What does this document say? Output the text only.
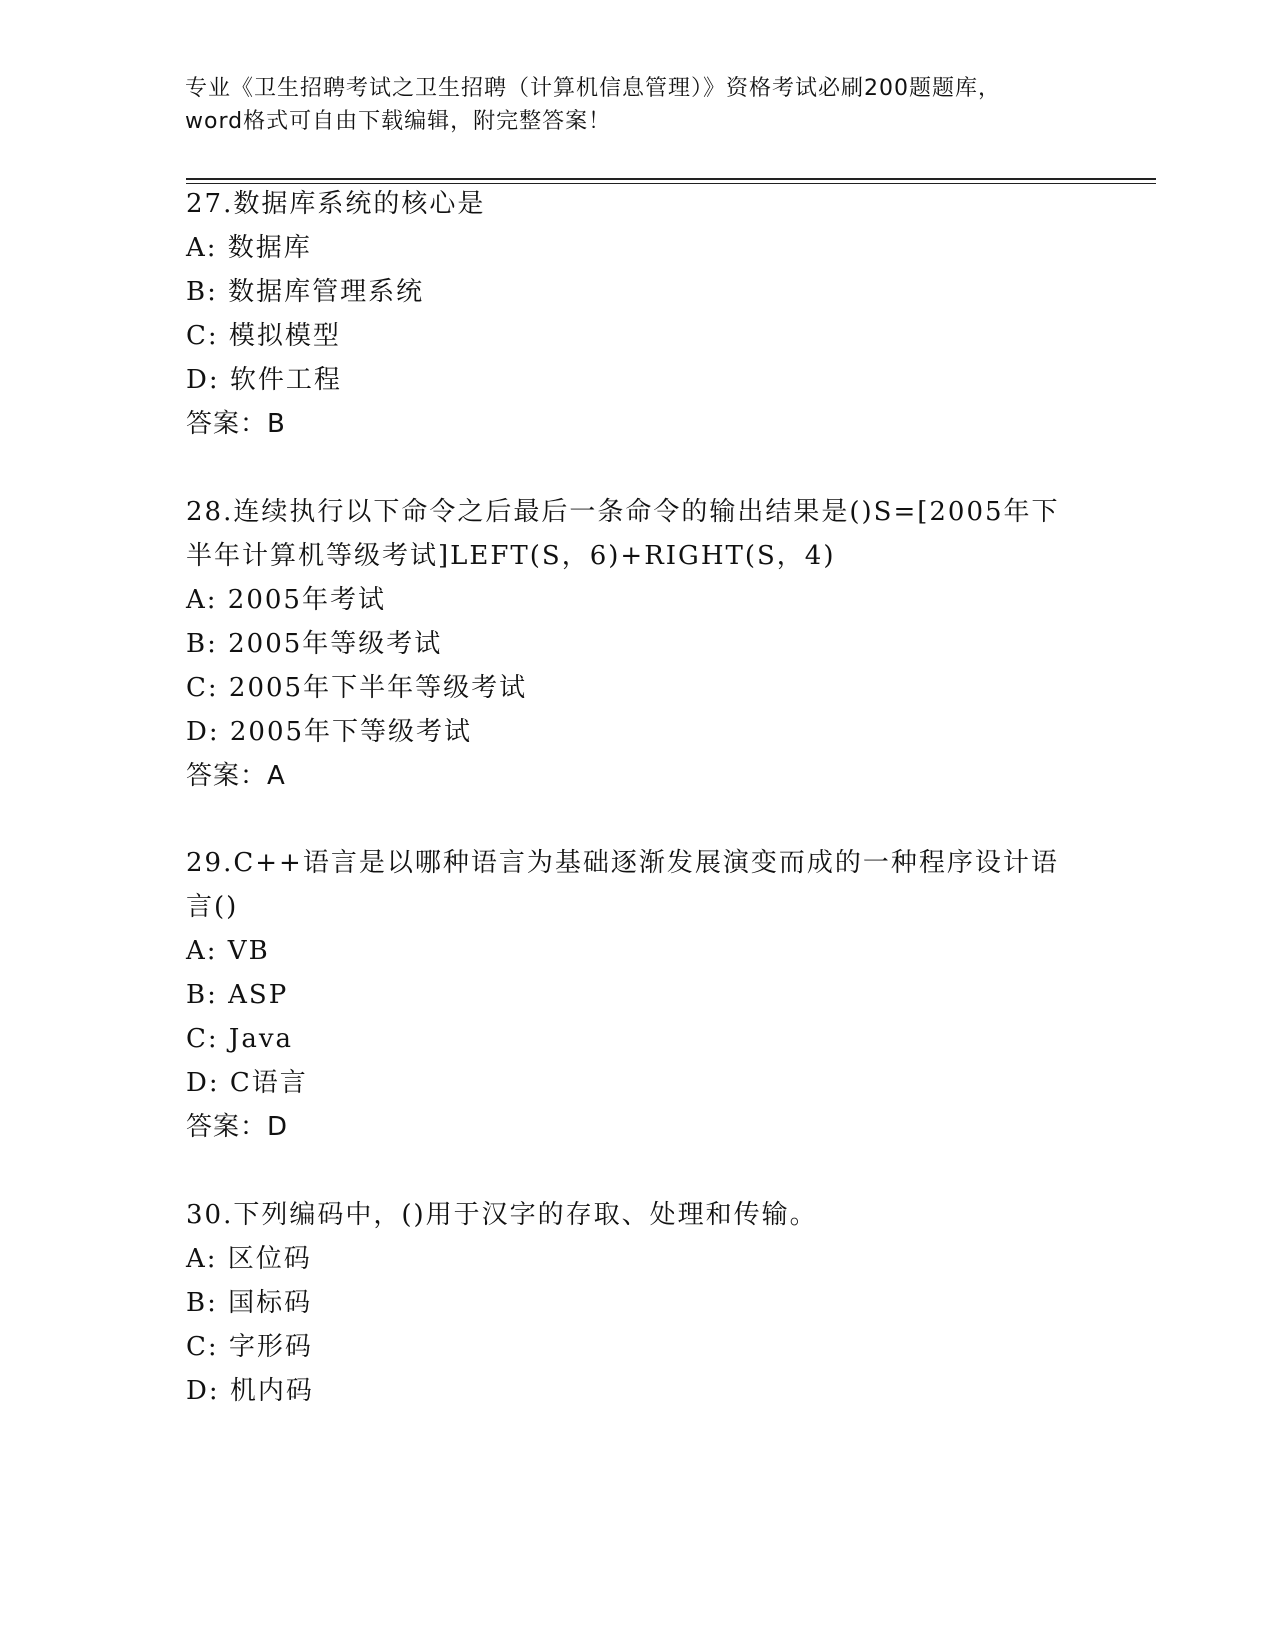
专业《卫生招聘考试之卫生招聘（计算机信息管理）》资格考试必刷200题题库，
word格式可自由下载编辑，附完整答案！
27.数据库系统的核心是
A: 数据库
B: 数据库管理系统
C: 模拟模型
D: 软件工程
答案：B
28.连续执行以下命令之后最后一条命令的输出结果是()S=[2005年下
半年计算机等级考试]LEFT(S，6)+RIGHT(S，4)
A: 2005年考试
B: 2005年等级考试
C: 2005年下半年等级考试
D: 2005年下等级考试
答案：A
29.C++语言是以哪种语言为基础逐渐发展演变而成的一种程序设计语
言()
A: VB
B: ASP
C: Java
D: C语言
答案：D
30.下列编码中，()用于汉字的存取、处理和传输。
A: 区位码
B: 国标码
C: 字形码
D: 机内码
